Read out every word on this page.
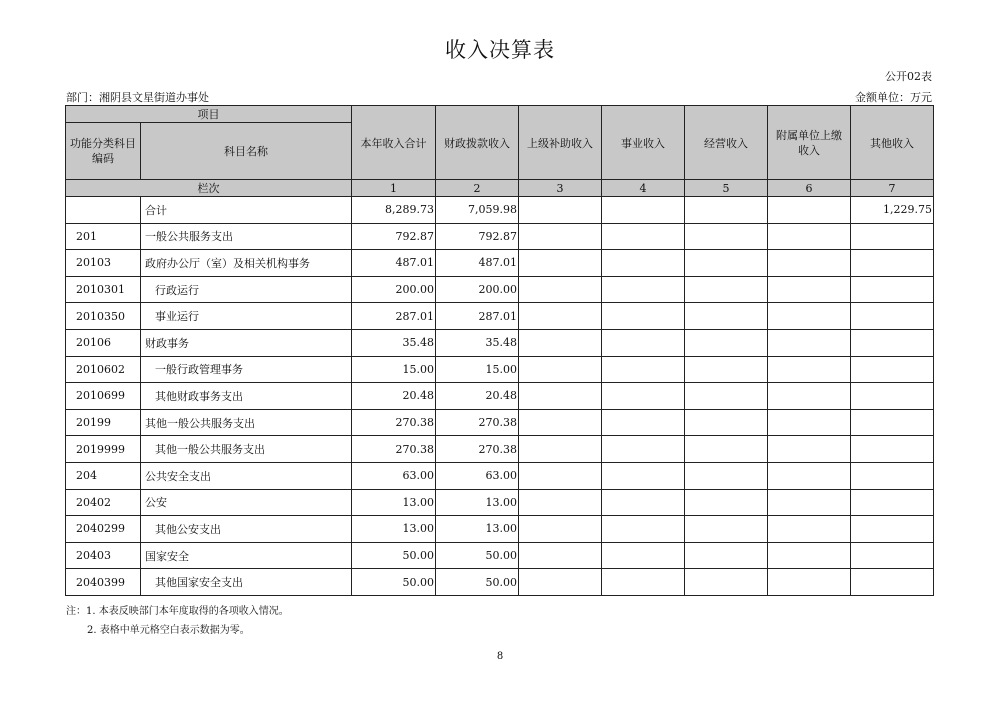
收入决算表
公开02表
部门：湘阴县文星街道办事处	金额单位：万元
项目		本年收入合计	财政拨款收入	上级补助收入	事业收入	经营收入	附属单位上缴收入	其他收入
功能分类科目编码	科目名称							
栏次		1	2	3	4	5	6	7
	合计	8,289.73	7,059.98					1,229.75
201	一般公共服务支出	792.87	792.87					
20103	政府办公厅（室）及相关机构事务	487.01	487.01					
2010301	行政运行	200.00	200.00					
2010350	事业运行	287.01	287.01					
20106	财政事务	35.48	35.48					
2010602	一般行政管理事务	15.00	15.00					
2010699	其他财政事务支出	20.48	20.48					
20199	其他一般公共服务支出	270.38	270.38					
2019999	其他一般公共服务支出	270.38	270.38					
204	公共安全支出	63.00	63.00					
20402	公安	13.00	13.00					
2040299	其他公安支出	13.00	13.00					
20403	国家安全	50.00	50.00					
2040399	其他国家安全支出	50.00	50.00					
注：1. 本表反映部门本年度取得的各项收入情况。
2. 表格中单元格空白表示数据为零。
8
